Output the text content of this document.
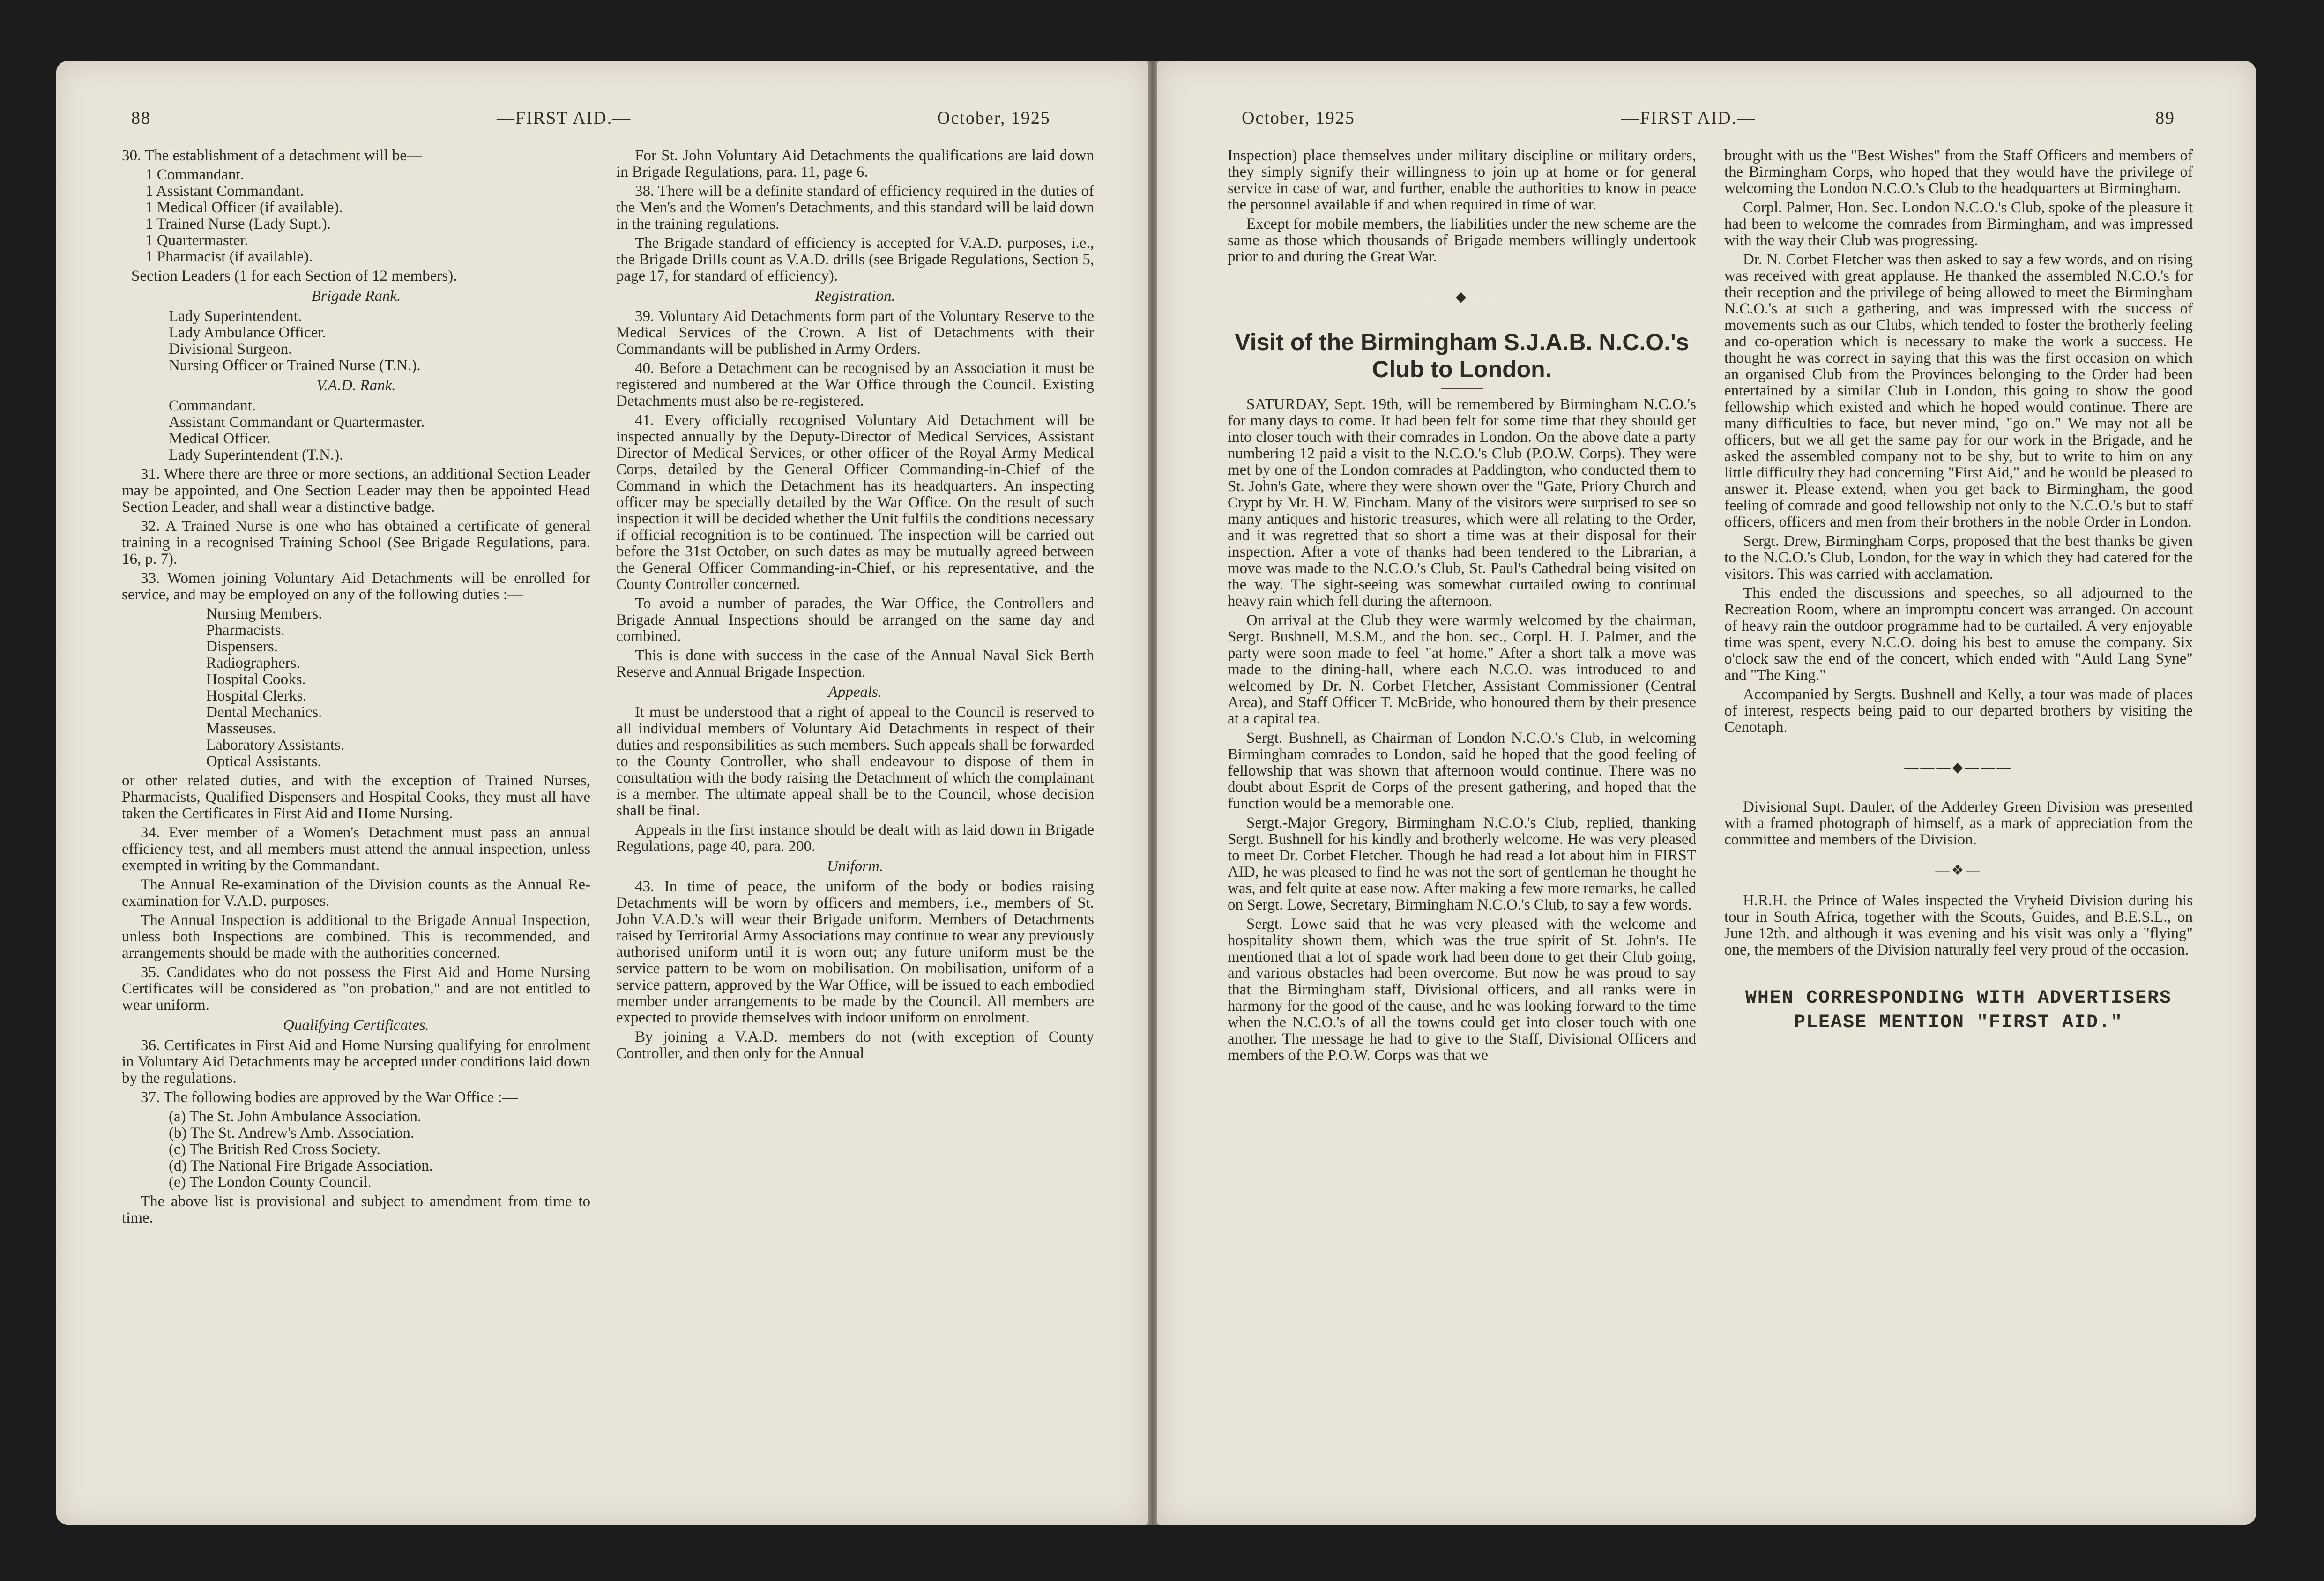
88	—FIRST AID.—	October, 1925

30. The establishment of a detachment will be—

1 Commandant.
1 Assistant Commandant.
1 Medical Officer (if available).
1 Trained Nurse (Lady Supt.).
1 Quartermaster.
1 Pharmacist (if available).

Section Leaders (1 for each Section of 12 members).

Brigade Rank.

Lady Superintendent.
Lady Ambulance Officer.
Divisional Surgeon.
Nursing Officer or Trained Nurse (T.N.).

V.A.D. Rank.

Commandant.
Assistant Commandant or Quartermaster.
Medical Officer.
Lady Superintendent (T.N.).

31. Where there are three or more sections, an additional Section Leader may be appointed, and One Section Leader may then be appointed Head Section Leader, and shall wear a distinctive badge.

32. A Trained Nurse is one who has obtained a certificate of general training in a recognised Training School (See Brigade Regulations, para. 16, p. 7).

33. Women joining Voluntary Aid Detachments will be enrolled for service, and may be employed on any of the following duties :—

Nursing Members.
Pharmacists.
Dispensers.
Radiographers.
Hospital Cooks.
Hospital Clerks.
Dental Mechanics.
Masseuses.
Laboratory Assistants.
Optical Assistants.

or other related duties, and with the exception of Trained Nurses, Pharmacists, Qualified Dispensers and Hospital Cooks, they must all have taken the Certificates in First Aid and Home Nursing.

34. Ever member of a Women's Detachment must pass an annual efficiency test, and all members must attend the annual inspection, unless exempted in writing by the Commandant.

The Annual Re-examination of the Division counts as the Annual Re-examination for V.A.D. purposes.

The Annual Inspection is additional to the Brigade Annual Inspection, unless both Inspections are combined. This is recommended, and arrangements should be made with the authorities concerned.

35. Candidates who do not possess the First Aid and Home Nursing Certificates will be considered as "on probation," and are not entitled to wear uniform.

Qualifying Certificates.

36. Certificates in First Aid and Home Nursing qualifying for enrolment in Voluntary Aid Detachments may be accepted under conditions laid down by the regulations.

37. The following bodies are approved by the War Office :—

(a) The St. John Ambulance Association.
(b) The St. Andrew's Amb. Association.
(c) The British Red Cross Society.
(d) The National Fire Brigade Association.
(e) The London County Council.

The above list is provisional and subject to amendment from time to time.

For St. John Voluntary Aid Detachments the qualifications are laid down in Brigade Regulations, para. 11, page 6.

38. There will be a definite standard of efficiency required in the duties of the Men's and the Women's Detachments, and this standard will be laid down in the training regulations.

The Brigade standard of efficiency is accepted for V.A.D. purposes, i.e., the Brigade Drills count as V.A.D. drills (see Brigade Regulations, Section 5, page 17, for standard of efficiency).

Registration.

39. Voluntary Aid Detachments form part of the Voluntary Reserve to the Medical Services of the Crown. A list of Detachments with their Commandants will be published in Army Orders.

40. Before a Detachment can be recognised by an Association it must be registered and numbered at the War Office through the Council. Existing Detachments must also be re-registered.

41. Every officially recognised Voluntary Aid Detachment will be inspected annually by the Deputy-Director of Medical Services, Assistant Director of Medical Services, or other officer of the Royal Army Medical Corps, detailed by the General Officer Commanding-in-Chief of the Command in which the Detachment has its headquarters. An inspecting officer may be specially detailed by the War Office. On the result of such inspection it will be decided whether the Unit fulfils the conditions necessary if official recognition is to be continued. The inspection will be carried out before the 31st October, on such dates as may be mutually agreed between the General Officer Commanding-in-Chief, or his representative, and the County Controller concerned.

To avoid a number of parades, the War Office, the Controllers and Brigade Annual Inspections should be arranged on the same day and combined.

This is done with success in the case of the Annual Naval Sick Berth Reserve and Annual Brigade Inspection.

Appeals.

It must be understood that a right of appeal to the Council is reserved to all individual members of Voluntary Aid Detachments in respect of their duties and responsibilities as such members. Such appeals shall be forwarded to the County Controller, who shall endeavour to dispose of them in consultation with the body raising the Detachment of which the complainant is a member. The ultimate appeal shall be to the Council, whose decision shall be final.

Appeals in the first instance should be dealt with as laid down in Brigade Regulations, page 40, para. 200.

Uniform.

43. In time of peace, the uniform of the body or bodies raising Detachments will be worn by officers and members, i.e., members of St. John V.A.D.'s will wear their Brigade uniform. Members of Detachments raised by Territorial Army Associations may continue to wear any previously authorised uniform until it is worn out; any future uniform must be the service pattern to be worn on mobilisation. On mobilisation, uniform of a service pattern, approved by the War Office, will be issued to each embodied member under arrangements to be made by the Council. All members are expected to provide themselves with indoor uniform on enrolment.

By joining a V.A.D. members do not (with exception of County Controller, and then only for the Annual

October, 1925	—FIRST AID.—	89

Inspection) place themselves under military discipline or military orders, they simply signify their willingness to join up at home or for general service in case of war, and further, enable the authorities to know in peace the personnel available if and when required in time of war.

Except for mobile members, the liabilities under the new scheme are the same as those which thousands of Brigade members willingly undertook prior to and during the Great War.

———◆———
Visit of the Birmingham S.J.A.B. N.C.O.'s Club to London.

SATURDAY, Sept. 19th, will be remembered by Birmingham N.C.O.'s for many days to come. It had been felt for some time that they should get into closer touch with their comrades in London. On the above date a party numbering 12 paid a visit to the N.C.O.'s Club (P.O.W. Corps). They were met by one of the London comrades at Paddington, who conducted them to St. John's Gate, where they were shown over the "Gate, Priory Church and Crypt by Mr. H. W. Fincham. Many of the visitors were surprised to see so many antiques and historic treasures, which were all relating to the Order, and it was regretted that so short a time was at their disposal for their inspection. After a vote of thanks had been tendered to the Librarian, a move was made to the N.C.O.'s Club, St. Paul's Cathedral being visited on the way. The sight-seeing was somewhat curtailed owing to continual heavy rain which fell during the afternoon.

On arrival at the Club they were warmly welcomed by the chairman, Sergt. Bushnell, M.S.M., and the hon. sec., Corpl. H. J. Palmer, and the party were soon made to feel "at home." After a short talk a move was made to the dining-hall, where each N.C.O. was introduced to and welcomed by Dr. N. Corbet Fletcher, Assistant Commissioner (Central Area), and Staff Officer T. McBride, who honoured them by their presence at a capital tea.

Sergt. Bushnell, as Chairman of London N.C.O.'s Club, in welcoming Birmingham comrades to London, said he hoped that the good feeling of fellowship that was shown that afternoon would continue. There was no doubt about Esprit de Corps of the present gathering, and hoped that the function would be a memorable one.

Sergt.-Major Gregory, Birmingham N.C.O.'s Club, replied, thanking Sergt. Bushnell for his kindly and brotherly welcome. He was very pleased to meet Dr. Corbet Fletcher. Though he had read a lot about him in FIRST AID, he was pleased to find he was not the sort of gentleman he thought he was, and felt quite at ease now. After making a few more remarks, he called on Sergt. Lowe, Secretary, Birmingham N.C.O.'s Club, to say a few words.

Sergt. Lowe said that he was very pleased with the welcome and hospitality shown them, which was the true spirit of St. John's. He mentioned that a lot of spade work had been done to get their Club going, and various obstacles had been overcome. But now he was proud to say that the Birmingham staff, Divisional officers, and all ranks were in harmony for the good of the cause, and he was looking forward to the time when the N.C.O.'s of all the towns could get into closer touch with one another. The message he had to give to the Staff, Divisional Officers and members of the P.O.W. Corps was that we

brought with us the "Best Wishes" from the Staff Officers and members of the Birmingham Corps, who hoped that they would have the privilege of welcoming the London N.C.O.'s Club to the headquarters at Birmingham.

Corpl. Palmer, Hon. Sec. London N.C.O.'s Club, spoke of the pleasure it had been to welcome the comrades from Birmingham, and was impressed with the way their Club was progressing.

Dr. N. Corbet Fletcher was then asked to say a few words, and on rising was received with great applause. He thanked the assembled N.C.O.'s for their reception and the privilege of being allowed to meet the Birmingham N.C.O.'s at such a gathering, and was impressed with the success of movements such as our Clubs, which tended to foster the brotherly feeling and co-operation which is necessary to make the work a success. He thought he was correct in saying that this was the first occasion on which an organised Club from the Provinces belonging to the Order had been entertained by a similar Club in London, this going to show the good fellowship which existed and which he hoped would continue. There are many difficulties to face, but never mind, "go on." We may not all be officers, but we all get the same pay for our work in the Brigade, and he asked the assembled company not to be shy, but to write to him on any little difficulty they had concerning "First Aid," and he would be pleased to answer it. Please extend, when you get back to Birmingham, the good feeling of comrade and good fellowship not only to the N.C.O.'s but to staff officers, officers and men from their brothers in the noble Order in London.

Sergt. Drew, Birmingham Corps, proposed that the best thanks be given to the N.C.O.'s Club, London, for the way in which they had catered for the visitors. This was carried with acclamation.

This ended the discussions and speeches, so all adjourned to the Recreation Room, where an impromptu concert was arranged. On account of heavy rain the outdoor programme had to be curtailed. A very enjoyable time was spent, every N.C.O. doing his best to amuse the company. Six o'clock saw the end of the concert, which ended with "Auld Lang Syne" and "The King."

Accompanied by Sergts. Bushnell and Kelly, a tour was made of places of interest, respects being paid to our departed brothers by visiting the Cenotaph.

———◆———

Divisional Supt. Dauler, of the Adderley Green Division was presented with a framed photograph of himself, as a mark of appreciation from the committee and members of the Division.

—❖—

H.R.H. the Prince of Wales inspected the Vryheid Division during his tour in South Africa, together with the Scouts, Guides, and B.E.S.L., on June 12th, and although it was evening and his visit was only a "flying" one, the members of the Division naturally feel very proud of the occasion.

WHEN CORRESPONDING WITH ADVERTISERS PLEASE MENTION "FIRST AID."
